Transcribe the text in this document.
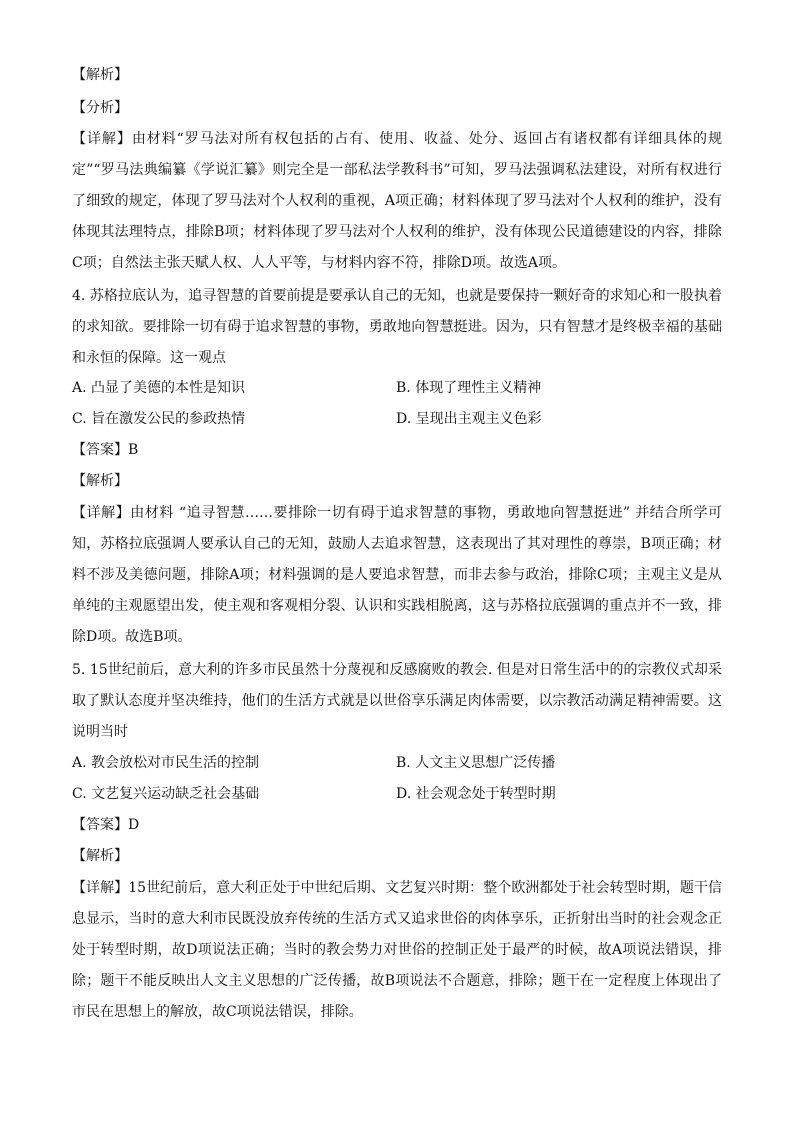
【解析】
【分析】

【详解】由材料“罗马法对所有权包括的占有、使用、收益、处分、返回占有诸权都有详细具体的规定”“罗马法典编纂《学说汇纂》则完全是一部私法学教科书”可知，罗马法强调私法建设，对所有权进行了细致的规定，体现了罗马法对个人权利的重视，A项正确；材料体现了罗马法对个人权利的维护，没有体现其法理特点，排除B项；材料体现了罗马法对个人权利的维护，没有体现公民道德建设的内容，排除C项；自然法主张天赋人权、人人平等，与材料内容不符，排除D项。故选A项。

4. 苏格拉底认为，追寻智慧的首要前提是要承认自己的无知，也就是要保持一颗好奇的求知心和一股执着的求知欲。要排除一切有碍于追求智慧的事物，勇敢地向智慧挺进。因为，只有智慧才是终极幸福的基础和永恒的保障。这一观点

A. 凸显了美德的本性是知识	B. 体现了理性主义精神
C. 旨在激发公民的参政热情	D. 呈现出主观主义色彩
【答案】B
【解析】

【详解】由材料 “追寻智慧……要排除一切有碍于追求智慧的事物，勇敢地向智慧挺进” 并结合所学可知，苏格拉底强调人要承认自己的无知，鼓励人去追求智慧，这表现出了其对理性的尊崇，B项正确；材料不涉及美德问题，排除A项；材料强调的是人要追求智慧，而非去参与政治，排除C项；主观主义是从单纯的主观愿望出发，使主观和客观相分裂、认识和实践相脱离，这与苏格拉底强调的重点并不一致，排除D项。故选B项。

5. 15世纪前后，意大利的许多市民虽然十分蔑视和反感腐败的教会. 但是对日常生活中的的宗教仪式却采取了默认态度并坚决维持，他们的生活方式就是以世俗享乐满足肉体需要，以宗教活动满足精神需要。这说明当时

A. 教会放松对市民生活的控制	B. 人文主义思想广泛传播
C. 文艺复兴运动缺乏社会基础	D. 社会观念处于转型时期
【答案】D
【解析】

【详解】15世纪前后，意大利正处于中世纪后期、文艺复兴时期：整个欧洲都处于社会转型时期，题干信息显示，当时的意大利市民既没放弃传统的生活方式又追求世俗的肉体享乐，正折射出当时的社会观念正处于转型时期，故D项说法正确；当时的教会势力对世俗的控制正处于最严的时候，故A项说法错误，排除；题干不能反映出人文主义思想的广泛传播，故B项说法不合题意，排除；题干在一定程度上体现出了市民在思想上的解放，故C项说法错误，排除。
